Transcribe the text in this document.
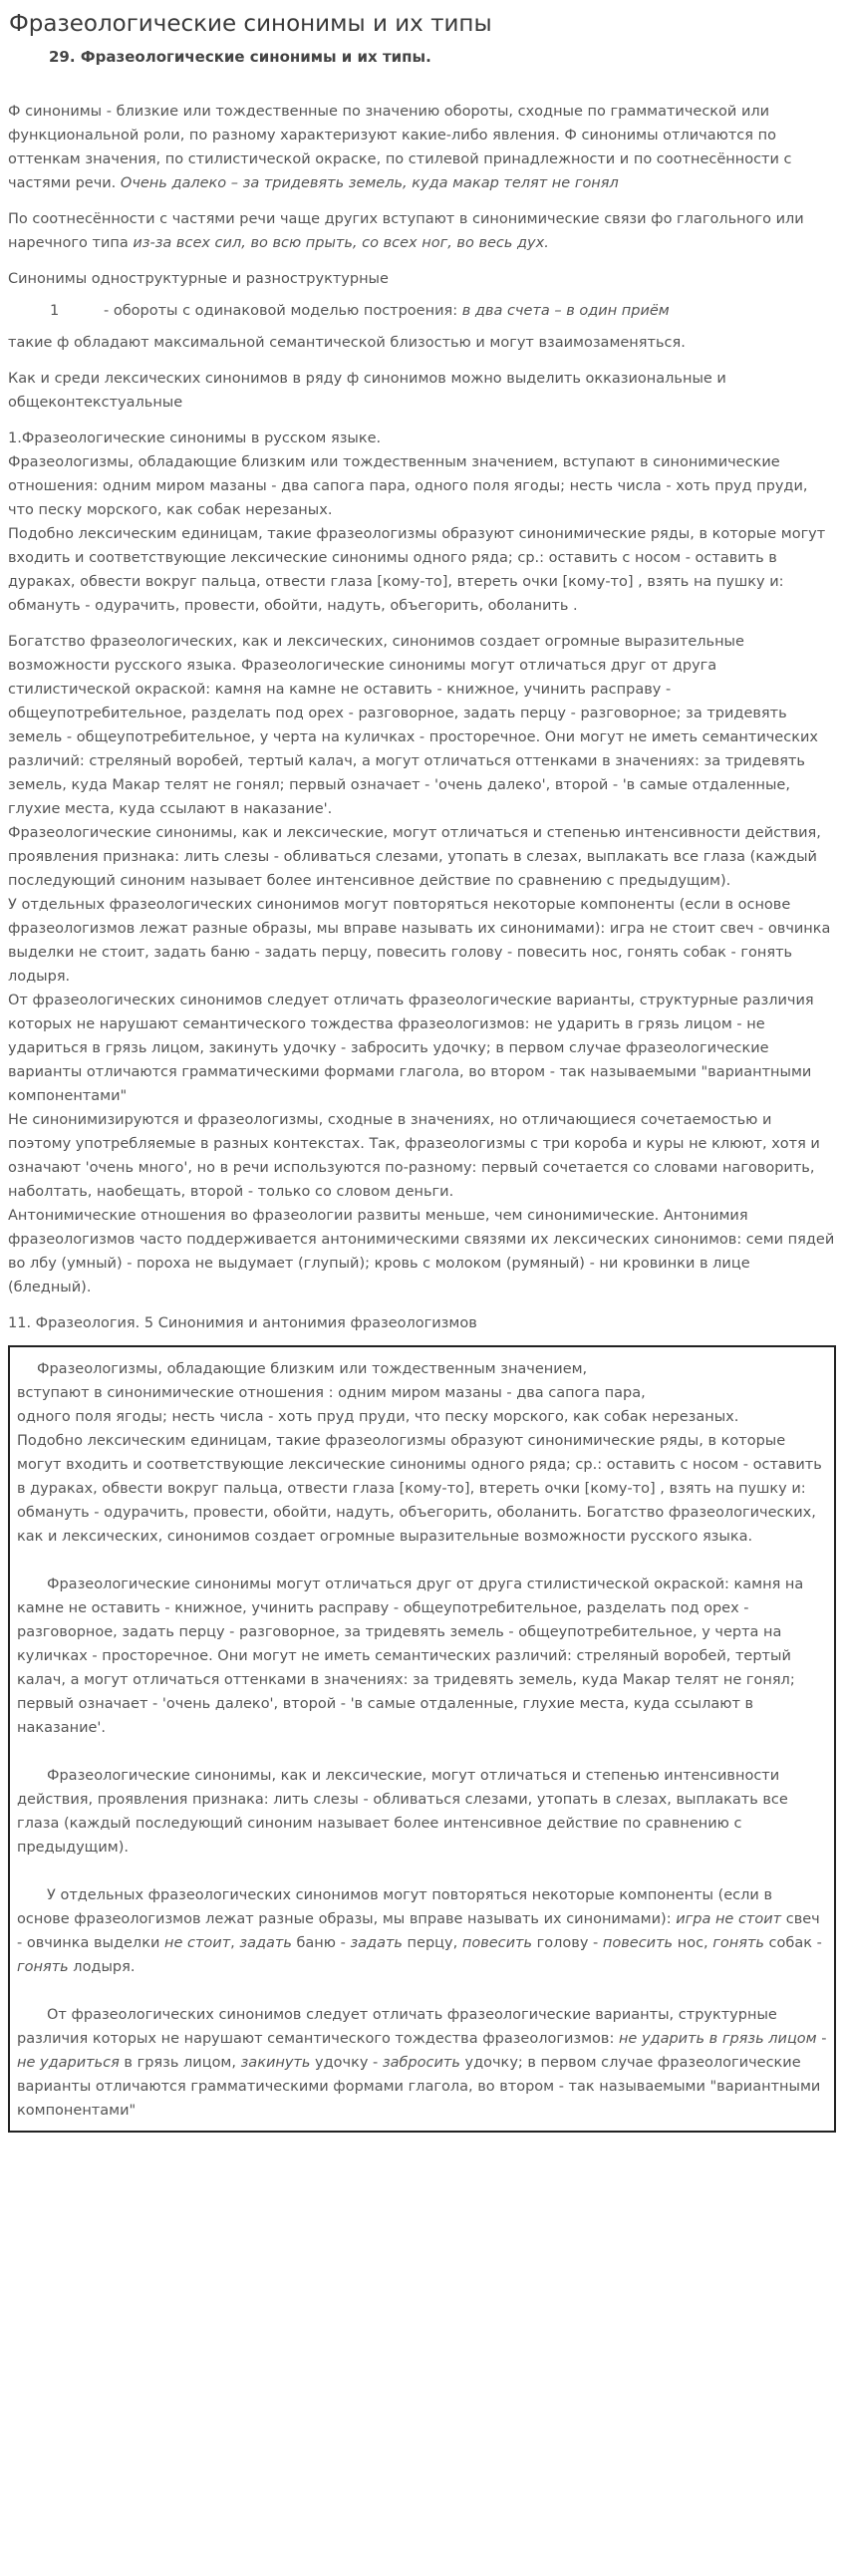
Фразеологические синонимы и их типы
29. Фразеологические синонимы и их типы.

Ф синонимы - близкие или тождественные по значению обороты, сходные по грамматической или функциональной роли, по разному характеризуют какие-либо явления. Ф синонимы отличаются по оттенкам значения, по стилистической окраске, по стилевой принадлежности и по соотнесённости с частями речи. Очень далеко – за тридевять земель, куда макар телят не гонял

По соотнесённости с частями речи чаще других вступают в синонимические связи фо глагольного или наречного типа из-за всех сил, во всю прыть, со всех ног, во весь дух.

Синонимы одноструктурные и разноструктурные

1	- обороты с одинаковой моделью построения: в два счета – в один приём

такие ф обладают максимальной семантической близостью и могут взаимозаменяться.

Как и среди лексических синонимов в ряду ф синонимов можно выделить окказиональные и общеконтекстуальные

1.Фразеологические синонимы в русском языке.

Фразеологизмы, обладающие близким или тождественным значением, вступают в синонимические отношения: одним миром мазаны - два сапога пара, одного поля ягоды; несть числа - хоть пруд пруди, что песку морского, как собак нерезаных.

Подобно лексическим единицам, такие фразеологизмы образуют синонимические ряды, в которые могут входить и соответствующие лексические синонимы одного ряда; ср.: оставить с носом - оставить в дураках, обвести вокруг пальца, отвести глаза [кому-то], втереть очки [кому-то] , взять на пушку и: обмануть - одурачить, провести, обойти, надуть, объегорить, оболанить .

Богатство фразеологических, как и лексических, синонимов создает огромные выразительные возможности русского языка. Фразеологические синонимы могут отличаться друг от друга стилистической окраской: камня на камне не оставить - книжное, учинить расправу - общеупотребительное, разделать под орех - разговорное, задать перцу - разговорное; за тридевять земель - общеупотребительное, у черта на куличках - просторечное. Они могут не иметь семантических различий: стреляный воробей, тертый калач, а могут отличаться оттенками в значениях: за тридевять земель, куда Макар телят не гонял; первый означает - 'очень далеко', второй - 'в самые отдаленные, глухие места, куда ссылают в наказание'.

Фразеологические синонимы, как и лексические, могут отличаться и степенью интенсивности действия, проявления признака: лить слезы - обливаться слезами, утопать в слезах, выплакать все глаза (каждый последующий синоним называет более интенсивное действие по сравнению с предыдущим).

У отдельных фразеологических синонимов могут повторяться некоторые компоненты (если в основе фразеологизмов лежат разные образы, мы вправе называть их синонимами): игра не стоит свеч - овчинка выделки не стоит, задать баню - задать перцу, повесить голову - повесить нос, гонять собак - гонять лодыря.

От фразеологических синонимов следует отличать фразеологические варианты, структурные различия которых не нарушают семантического тождества фразеологизмов: не ударить в грязь лицом - не удариться в грязь лицом, закинуть удочку - забросить удочку; в первом случае фразеологические варианты отличаются грамматическими формами глагола, во втором - так называемыми "вариантными компонентами"

Не синонимизируются и фразеологизмы, сходные в значениях, но отличающиеся сочетаемостью и поэтому употребляемые в разных контекстах. Так, фразеологизмы с три короба и куры не клюют, хотя и означают 'очень много', но в речи используются по-разному: первый сочетается со словами наговорить, наболтать, наобещать, второй - только со словом деньги.

Антонимические отношения во фразеологии развиты меньше, чем синонимические. Антонимия фразеологизмов часто поддерживается антонимическими связями их лексических синонимов: семи пядей во лбу (умный) - пороха не выдумает (глупый); кровь с молоком (румяный) - ни кровинки в лице (бледный).

11. Фразеология. 5 Синонимия и антонимия фразеологизмов

Фразеологизмы, обладающие близким или тождественным значением,

вступают в синонимические отношения : одним миром мазаны - два сапога пара,

одного поля ягоды; несть числа - хоть пруд пруди, что песку морского, как собак нерезаных.

Подобно лексическим единицам, такие фразеологизмы образуют синонимические ряды, в которые могут входить и соответствующие лексические синонимы одного ряда; ср.: оставить с носом - оставить в дураках, обвести вокруг пальца, отвести глаза [кому-то], втереть очки [кому-то] , взять на пушку и: обмануть - одурачить, провести, обойти, надуть, объегорить, оболанить. Богатство фразеологических, как и лексических, синонимов создает огромные выразительные возможности русского языка.

Фразеологические синонимы могут отличаться друг от друга стилистической окраской: камня на камне не оставить - книжное, учинить расправу - общеупотребительное, разделать под орех - разговорное, задать перцу - разговорное, за тридевять земель - общеупотребительное, у черта на куличках - просторечное. Они могут не иметь семантических различий: стреляный воробей, тертый калач, а могут отличаться оттенками в значениях: за тридевять земель, куда Макар телят не гонял; первый означает - 'очень далеко', второй - 'в самые отдаленные, глухие места, куда ссылают в наказание'.

Фразеологические синонимы, как и лексические, могут отличаться и степенью интенсивности действия, проявления признака: лить слезы - обливаться слезами, утопать в слезах, выплакать все глаза (каждый последующий синоним называет более интенсивное действие по сравнению с предыдущим).

У отдельных фразеологических синонимов могут повторяться некоторые компоненты (если в основе фразеологизмов лежат разные образы, мы вправе называть их синонимами): игра не стоит свеч - овчинка выделки не стоит, задать баню - задать перцу, повесить голову - повесить нос, гонять собак - гонять лодыря.

От фразеологических синонимов следует отличать фразеологические варианты, структурные различия которых не нарушают семантического тождества фразеологизмов: не ударить в грязь лицом - не удариться в грязь лицом, закинуть удочку - забросить удочку; в первом случае фразеологические варианты отличаются грамматическими формами глагола, во втором - так называемыми "вариантными компонентами"
